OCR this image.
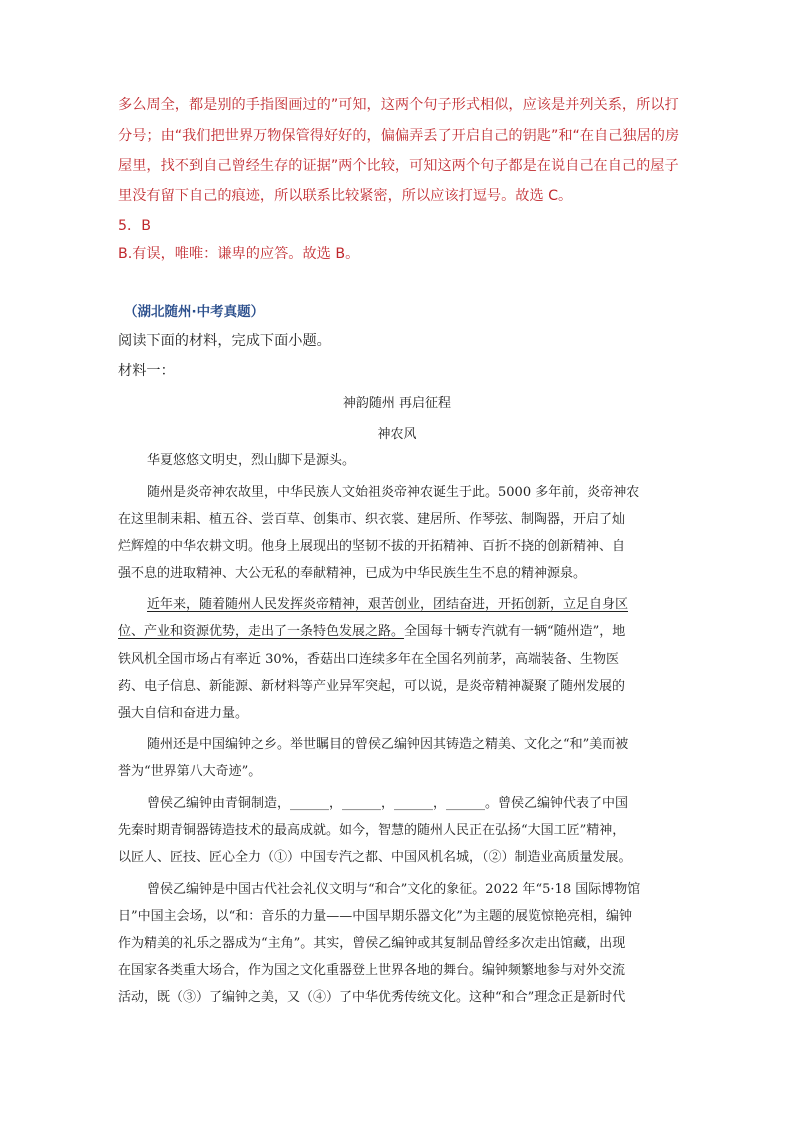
多么周全，都是别的手指图画过的”可知，这两个句子形式相似，应该是并列关系，所以打
分号；由“我们把世界万物保管得好好的，偏偏弄丢了开启自己的钥匙”和“在自己独居的房
屋里，找不到自己曾经生存的证据”两个比较，可知这两个句子都是在说自己在自己的屋子
里没有留下自己的痕迹，所以联系比较紧密，所以应该打逗号。故选 C。
5．B
B.有误，唯唯：谦卑的应答。故选 B。
（湖北随州·中考真题）
阅读下面的材料，完成下面小题。
材料一：
神韵随州 再启征程
神农风
华夏悠悠文明史，烈山脚下是源头。
随州是炎帝神农故里，中华民族人文始祖炎帝神农诞生于此。5000 多年前，炎帝神农
在这里制耒耜、植五谷、尝百草、创集市、织衣裳、建居所、作琴弦、制陶器，开启了灿
烂辉煌的中华农耕文明。他身上展现出的坚韧不拔的开拓精神、百折不挠的创新精神、自
强不息的进取精神、大公无私的奉献精神，已成为中华民族生生不息的精神源泉。
近年来，随着随州人民发挥炎帝精神，艰苦创业，团结奋进，开拓创新，立足自身区
位、产业和资源优势，走出了一条特色发展之路。全国每十辆专汽就有一辆“随州造”，地
铁风机全国市场占有率近 30%，香菇出口连续多年在全国名列前茅，高端装备、生物医
药、电子信息、新能源、新材料等产业异军突起，可以说，是炎帝精神凝聚了随州发展的
强大自信和奋进力量。
随州还是中国编钟之乡。举世瞩目的曾侯乙编钟因其铸造之精美、文化之“和”美而被
誉为“世界第八大奇迹”。
曾侯乙编钟由青铜制造，______，______，______，______。曾侯乙编钟代表了中国
先秦时期青铜器铸造技术的最高成就。如今，智慧的随州人民正在弘扬“大国工匠”精神，
以匠人、匠技、匠心全力（①）中国专汽之都、中国风机名城，（②）制造业高质量发展。
曾侯乙编钟是中国古代社会礼仪文明与“和合”文化的象征。2022 年“5·18 国际博物馆
日”中国主会场，以“和：音乐的力量——中国早期乐器文化”为主题的展览惊艳亮相，编钟
作为精美的礼乐之器成为“主角”。其实，曾侯乙编钟或其复制品曾经多次走出馆藏，出现
在国家各类重大场合，作为国之文化重器登上世界各地的舞台。编钟频繁地参与对外交流
活动，既（③）了编钟之美，又（④）了中华优秀传统文化。这种“和合”理念正是新时代
